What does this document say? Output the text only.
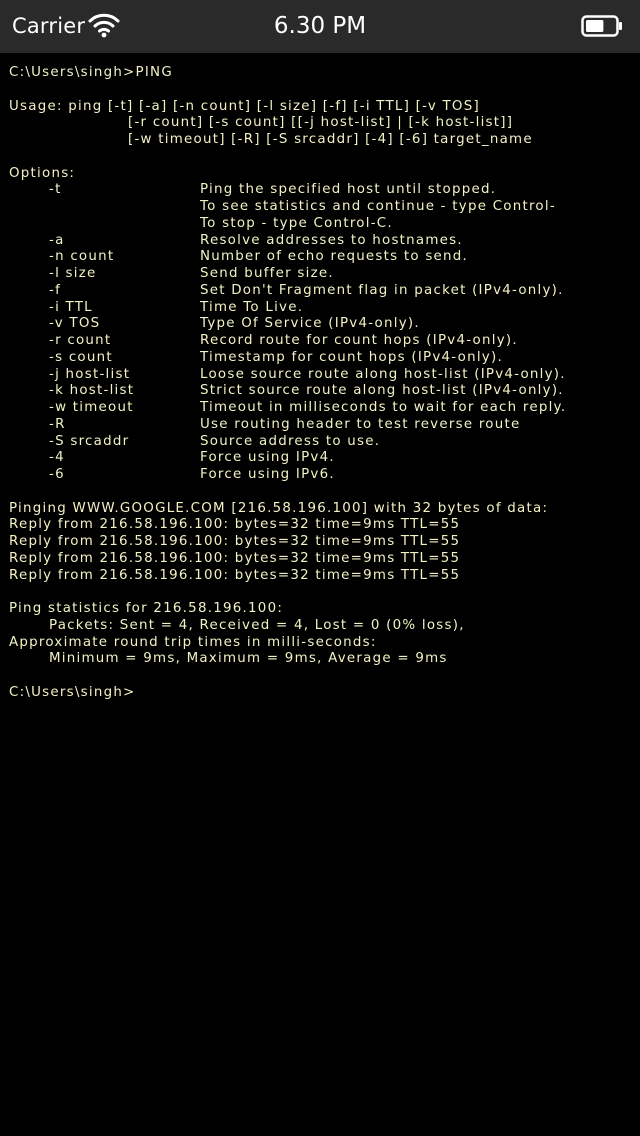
Carrier	6.30 PM
C:\Users\singh>PING
Usage: ping [-t] [-a] [-n count] [-l size] [-f] [-i TTL] [-v TOS]
[-r count] [-s count] [[-j host-list] | [-k host-list]]
[-w timeout] [-R] [-S srcaddr] [-4] [-6] target_name
Options:
-t	Ping the specified host until stopped.
To see statistics and continue - type Control-
To stop - type Control-C.
-a	Resolve addresses to hostnames.
-n count	Number of echo requests to send.
-l size	Send buffer size.
-f	Set Don't Fragment flag in packet (IPv4-only).
-i TTL	Time To Live.
-v TOS	Type Of Service (IPv4-only).
-r count	Record route for count hops (IPv4-only).
-s count	Timestamp for count hops (IPv4-only).
-j host-list	Loose source route along host-list (IPv4-only).
-k host-list	Strict source route along host-list (IPv4-only).
-w timeout	Timeout in milliseconds to wait for each reply.
-R	Use routing header to test reverse route
-S srcaddr	Source address to use.
-4	Force using IPv4.
-6	Force using IPv6.
Pinging WWW.GOOGLE.COM [216.58.196.100] with 32 bytes of data:
Reply from 216.58.196.100: bytes=32 time=9ms TTL=55
Reply from 216.58.196.100: bytes=32 time=9ms TTL=55
Reply from 216.58.196.100: bytes=32 time=9ms TTL=55
Reply from 216.58.196.100: bytes=32 time=9ms TTL=55
Ping statistics for 216.58.196.100:
Packets: Sent = 4, Received = 4, Lost = 0 (0% loss),
Approximate round trip times in milli-seconds:
Minimum = 9ms, Maximum = 9ms, Average = 9ms
C:\Users\singh>
